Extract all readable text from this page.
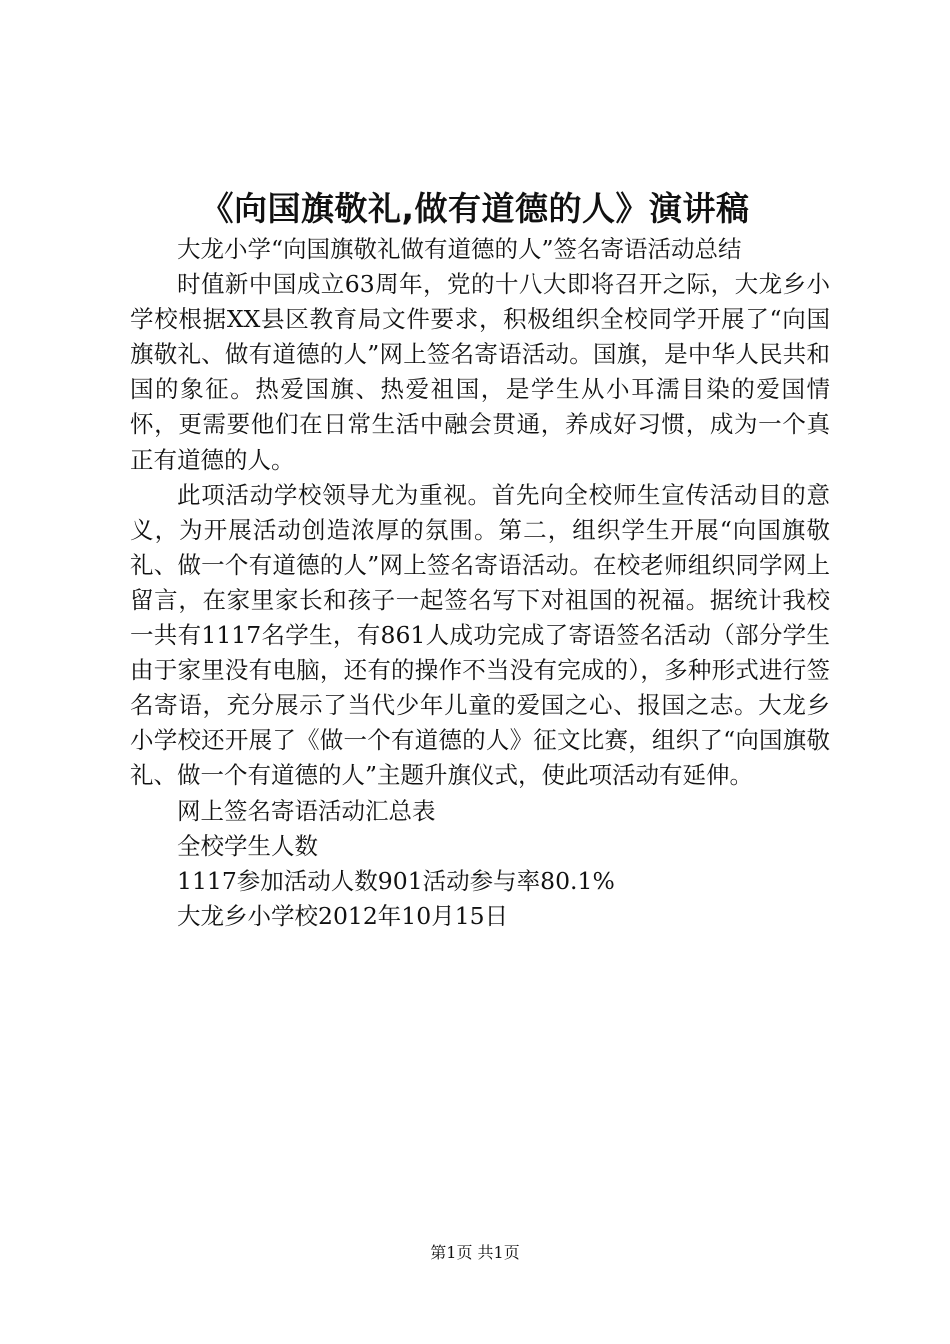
《向国旗敬礼,做有道德的人》演讲稿

大龙小学“向国旗敬礼做有道德的人”签名寄语活动总结

时值新中国成立63周年，党的十八大即将召开之际，大龙乡小学校根据XX县区教育局文件要求，积极组织全校同学开展了“向国旗敬礼、做有道德的人”网上签名寄语活动。国旗，是中华人民共和国的象征。热爱国旗、热爱祖国，是学生从小耳濡目染的爱国情怀，更需要他们在日常生活中融会贯通，养成好习惯，成为一个真正有道德的人。

此项活动学校领导尤为重视。首先向全校师生宣传活动目的意义，为开展活动创造浓厚的氛围。第二，组织学生开展“向国旗敬礼、做一个有道德的人”网上签名寄语活动。在校老师组织同学网上留言，在家里家长和孩子一起签名写下对祖国的祝福。据统计我校一共有1117名学生，有861人成功完成了寄语签名活动（部分学生由于家里没有电脑，还有的操作不当没有完成的），多种形式进行签名寄语，充分展示了当代少年儿童的爱国之心、报国之志。大龙乡小学校还开展了《做一个有道德的人》征文比赛，组织了“向国旗敬礼、做一个有道德的人”主题升旗仪式，使此项活动有延伸。

网上签名寄语活动汇总表

全校学生人数

1117参加活动人数901活动参与率80.1%

大龙乡小学校2012年10月15日

第1页 共1页
